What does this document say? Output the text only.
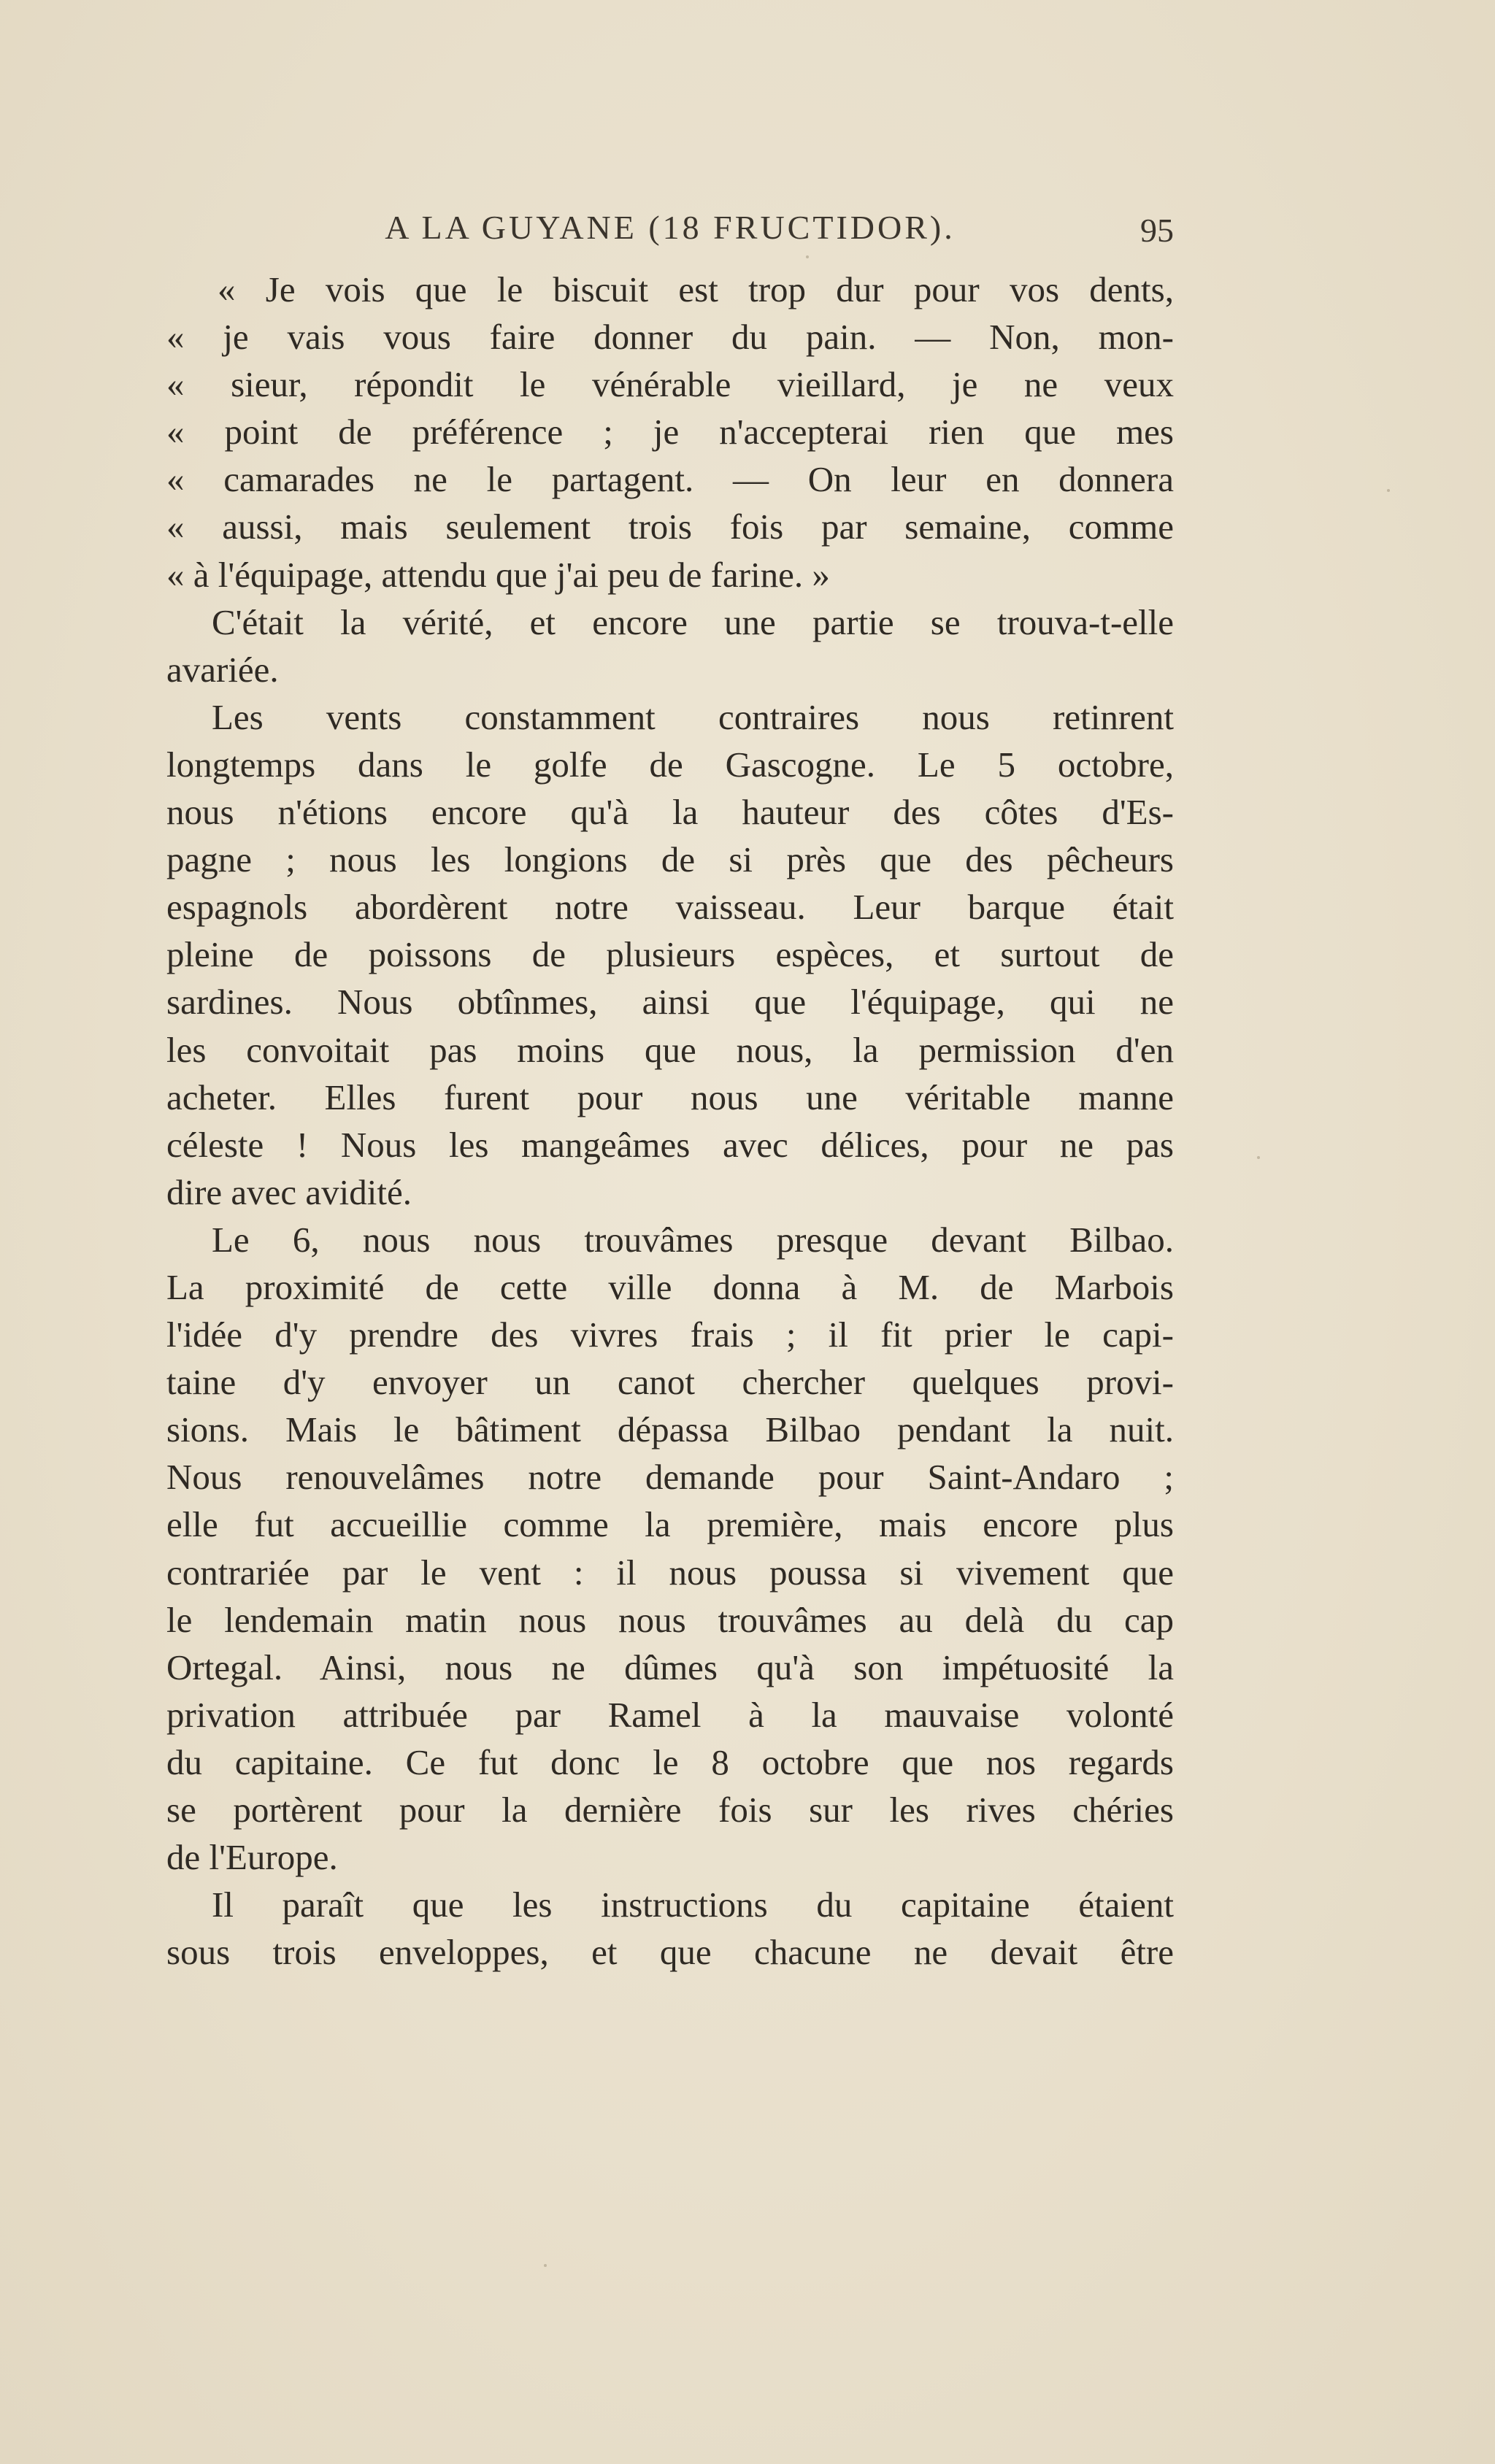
A LA GUYANE (18 FRUCTIDOR).	95
« Je vois que le biscuit est trop dur pour vos dents,
« je vais vous faire donner du pain. — Non, mon-
« sieur, répondit le vénérable vieillard, je ne veux
« point de préférence ; je n'accepterai rien que mes
« camarades ne le partagent. — On leur en donnera
« aussi, mais seulement trois fois par semaine, comme
« à l'équipage, attendu que j'ai peu de farine. »
C'était la vérité, et encore une partie se trouva-t-elle
avariée.
Les vents constamment contraires nous retinrent
longtemps dans le golfe de Gascogne. Le 5 octobre,
nous n'étions encore qu'à la hauteur des côtes d'Es-
pagne ; nous les longions de si près que des pêcheurs
espagnols abordèrent notre vaisseau. Leur barque était
pleine de poissons de plusieurs espèces, et surtout de
sardines. Nous obtînmes, ainsi que l'équipage, qui ne
les convoitait pas moins que nous, la permission d'en
acheter. Elles furent pour nous une véritable manne
céleste ! Nous les mangeâmes avec délices, pour ne pas
dire avec avidité.
Le 6, nous nous trouvâmes presque devant Bilbao.
La proximité de cette ville donna à M. de Marbois
l'idée d'y prendre des vivres frais ; il fit prier le capi-
taine d'y envoyer un canot chercher quelques provi-
sions. Mais le bâtiment dépassa Bilbao pendant la nuit.
Nous renouvelâmes notre demande pour Saint-Andaro ;
elle fut accueillie comme la première, mais encore plus
contrariée par le vent : il nous poussa si vivement que
le lendemain matin nous nous trouvâmes au delà du cap
Ortegal. Ainsi, nous ne dûmes qu'à son impétuosité la
privation attribuée par Ramel à la mauvaise volonté
du capitaine. Ce fut donc le 8 octobre que nos regards
se portèrent pour la dernière fois sur les rives chéries
de l'Europe.
Il paraît que les instructions du capitaine étaient
sous trois enveloppes, et que chacune ne devait être
